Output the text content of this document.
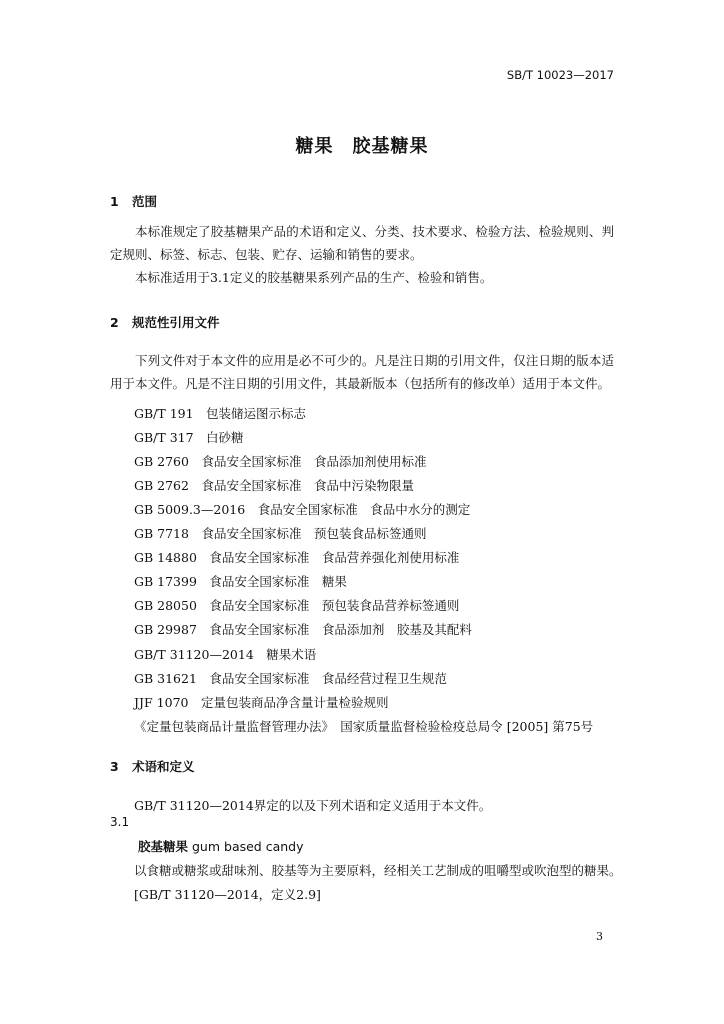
SB/T 10023—2017
糖果　胶基糖果
1 范围
本标准规定了胶基糖果产品的术语和定义、分类、技术要求、检验方法、检验规则、判定规则、标签、标志、包装、贮存、运输和销售的要求。
本标准适用于3.1定义的胶基糖果系列产品的生产、检验和销售。
2 规范性引用文件
下列文件对于本文件的应用是必不可少的。凡是注日期的引用文件，仅注日期的版本适用于本文件。凡是不注日期的引用文件，其最新版本（包括所有的修改单）适用于本文件。
GB/T 191　包装储运图示标志
GB/T 317　白砂糖
GB 2760　食品安全国家标准　食品添加剂使用标准
GB 2762　食品安全国家标准　食品中污染物限量
GB 5009.3—2016　食品安全国家标准　食品中水分的测定
GB 7718　食品安全国家标准　预包装食品标签通则
GB 14880　食品安全国家标准　食品营养强化剂使用标准
GB 17399　食品安全国家标准　糖果
GB 28050　食品安全国家标准　预包装食品营养标签通则
GB 29987　食品安全国家标准　食品添加剂　胶基及其配料
GB/T 31120—2014　糖果术语
GB 31621　食品安全国家标准　食品经营过程卫生规范
JJF 1070　定量包装商品净含量计量检验规则
《定量包装商品计量监督管理办法》　国家质量监督检验检疫总局令 [2005] 第75号
3 术语和定义
GB/T 31120—2014界定的以及下列术语和定义适用于本文件。
3.1
胶基糖果 gum based candy
以食糖或糖浆或甜味剂、胶基等为主要原料，经相关工艺制成的咀嚼型或吹泡型的糖果。
[GB/T 31120—2014，定义2.9]
3
